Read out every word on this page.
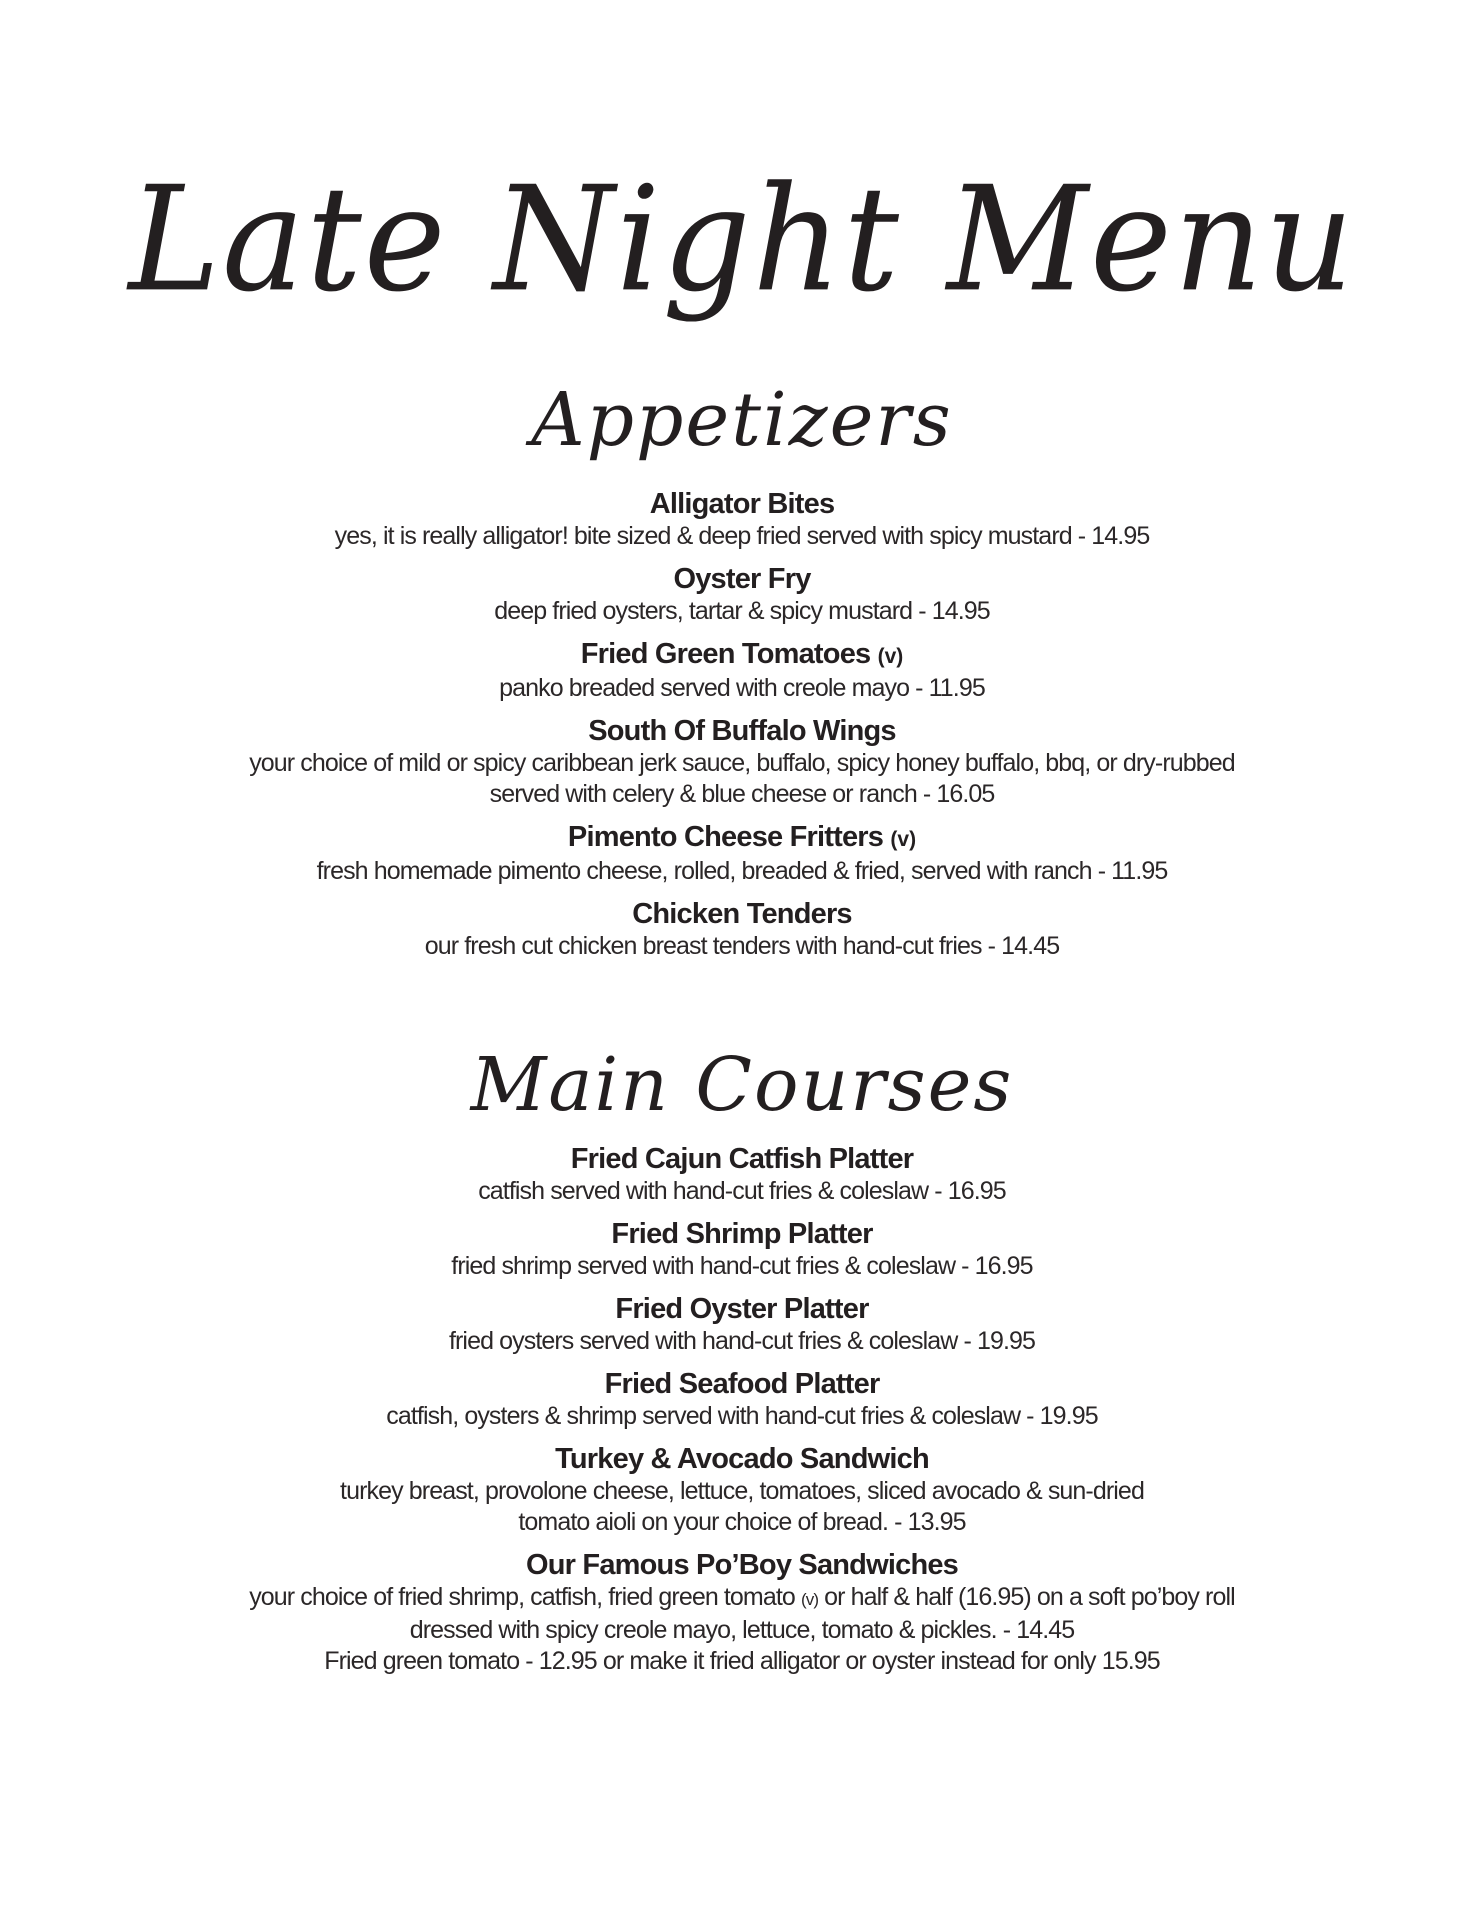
Late Night Menu
Appetizers
Alligator Bites
yes, it is really alligator! bite sized & deep fried served with spicy mustard - 14.95
Oyster Fry
deep fried oysters, tartar & spicy mustard - 14.95
Fried Green Tomatoes (v)
panko breaded served with creole mayo - 11.95
South Of Buffalo Wings
your choice of mild or spicy caribbean jerk sauce, buffalo, spicy honey buffalo, bbq, or dry-rubbed
served with celery & blue cheese or ranch - 16.05
Pimento Cheese Fritters (v)
fresh homemade pimento cheese, rolled, breaded & fried, served with ranch - 11.95
Chicken Tenders
our fresh cut chicken breast tenders with hand-cut fries - 14.45
Main Courses
Fried Cajun Catfish Platter
catfish served with hand-cut fries & coleslaw - 16.95
Fried Shrimp Platter
fried shrimp served with hand-cut fries & coleslaw - 16.95
Fried Oyster Platter
fried oysters served with hand-cut fries & coleslaw - 19.95
Fried Seafood Platter
catfish, oysters & shrimp served with hand-cut fries & coleslaw - 19.95
Turkey & Avocado Sandwich
turkey breast, provolone cheese, lettuce, tomatoes, sliced avocado & sun-dried
tomato aioli on your choice of bread. - 13.95
Our Famous Po’Boy Sandwiches
your choice of fried shrimp, catfish, fried green tomato (v) or half & half (16.95) on a soft po’boy roll
dressed with spicy creole mayo, lettuce, tomato & pickles. - 14.45
Fried green tomato - 12.95 or make it fried alligator or oyster instead for only 15.95
